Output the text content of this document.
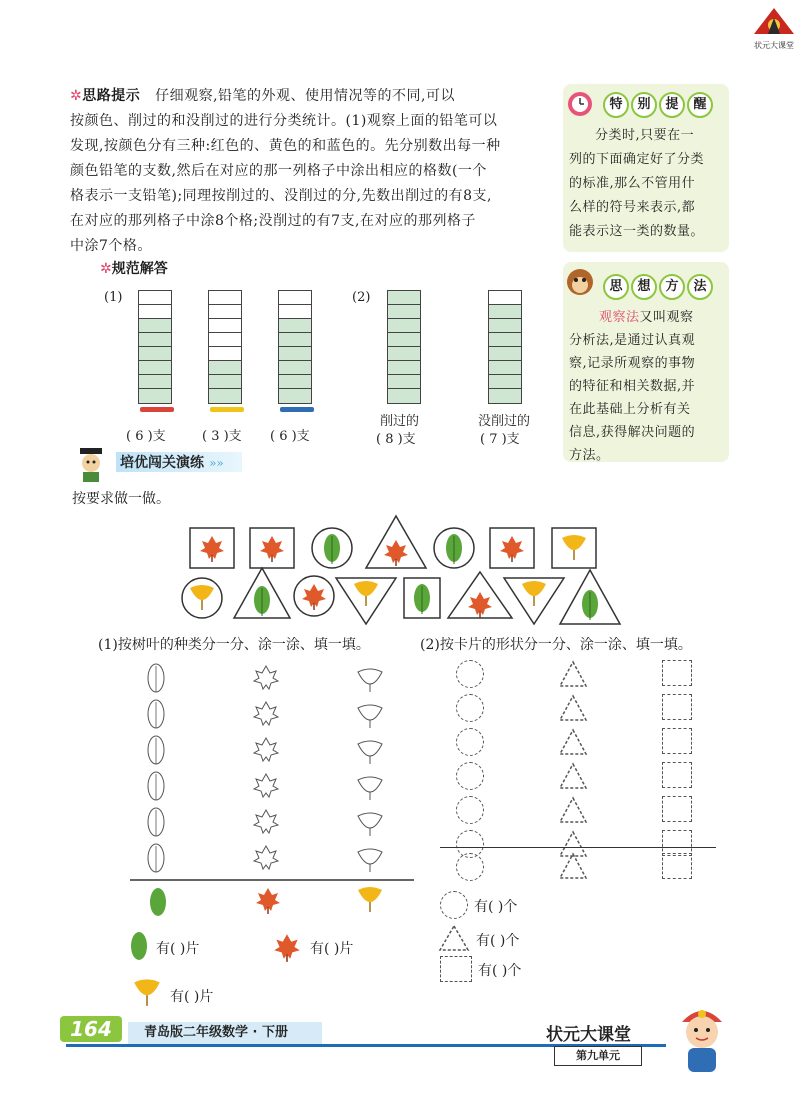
状元大课堂
✲思路提示 仔细观察,铅笔的外观、使用情况等的不同,可以
按颜色、削过的和没削过的进行分类统计。(1)观察上面的铅笔可以
发现,按颜色分有三种:红色的、黄色的和蓝色的。先分别数出每一种
颜色铅笔的支数,然后在对应的那一列格子中涂出相应的格数(一个
格表示一支铅笔);同理按削过的、没削过的分,先数出削过的有8支,
在对应的那列格子中涂8个格;没削过的有7支,在对应的那列格子
中涂7个格。
特 别 提 醒
分类时,只要在一
列的下面确定好了分类
的标准,那么不管用什
么样的符号来表示,都
能表示这一类的数量。
思 想 方 法
观察法又叫观察
分析法,是通过认真观
察,记录所观察的事物
的特征和相关数据,并
在此基础上分析有关
信息,获得解决问题的
方法。
✲规范解答
(1)	(2)
( 6 )支	( 3 )支 ( 6 )支
削过的
( 8 )支
没削过的
( 7 )支
培优闯关演练 »»
按要求做一做。
(1)按树叶的种类分一分、涂一涂、填一填。	(2)按卡片的形状分一分、涂一涂、填一填。
有( )片	有( )片
有( )片
有( )个
有( )个
有( )个
164	青岛版二年级数学 · 下册	状元大课堂
第九单元
